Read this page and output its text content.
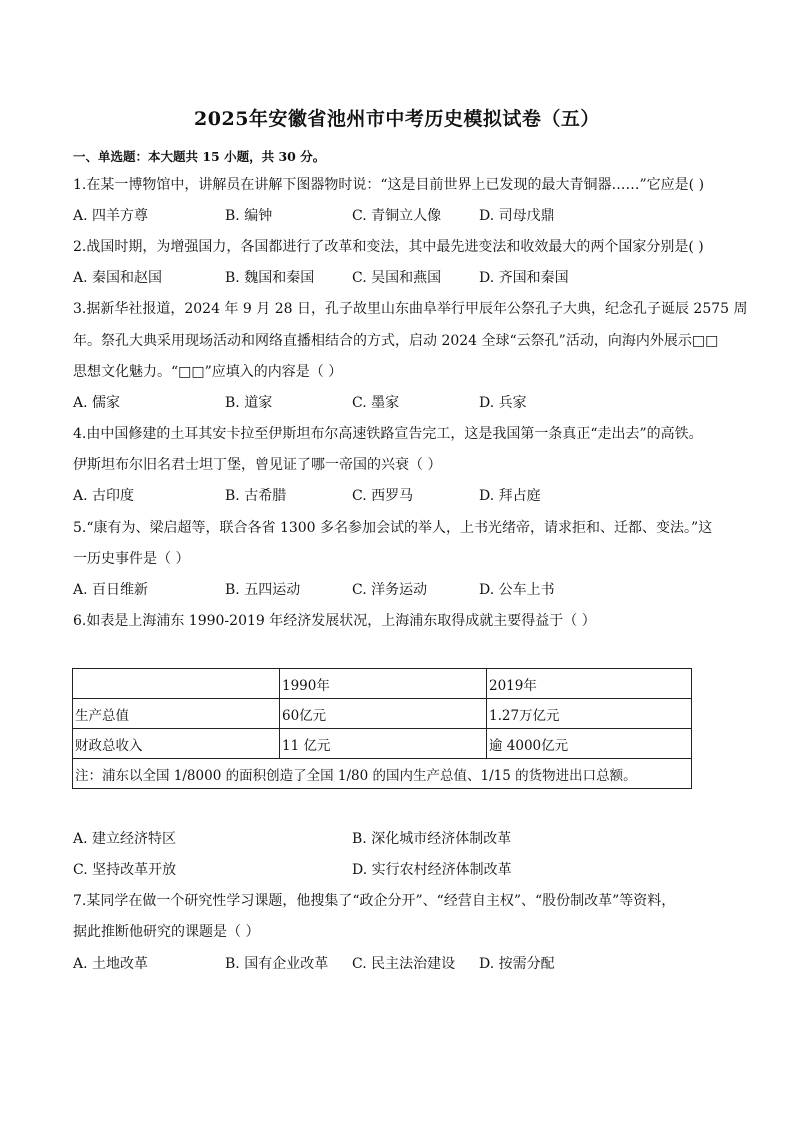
2025年安徽省池州市中考历史模拟试卷（五）
一、单选题：本大题共 15 小题，共 30 分。
1.在某一博物馆中，讲解员在讲解下图器物时说：“这是目前世界上已发现的最大青铜器……”它应是( )
A. 四羊方尊	B. 编钟	C. 青铜立人像	D. 司母戊鼎
2.战国时期，为增强国力，各国都进行了改革和变法，其中最先进变法和收效最大的两个国家分别是( )
A. 秦国和赵国	B. 魏国和秦国	C. 吴国和燕国	D. 齐国和秦国
3.据新华社报道，2024 年 9 月 28 日，孔子故里山东曲阜举行甲辰年公祭孔子大典，纪念孔子诞辰 2575 周
年。祭孔大典采用现场活动和网络直播相结合的方式，启动 2024 全球“云祭孔”活动，向海内外展示□□
思想文化魅力。“□□”应填入的内容是（ ）
A. 儒家	B. 道家	C. 墨家	D. 兵家
4.由中国修建的土耳其安卡拉至伊斯坦布尔高速铁路宣告完工，这是我国第一条真正“走出去”的高铁。
伊斯坦布尔旧名君士坦丁堡，曾见证了哪一帝国的兴衰（ ）
A. 古印度	B. 古希腊	C. 西罗马	D. 拜占庭
5.“康有为、梁启超等，联合各省 1300 多名参加会试的举人，上书光绪帝，请求拒和、迁都、变法。”这
一历史事件是（ ）
A. 百日维新	B. 五四运动	C. 洋务运动	D. 公车上书
6.如表是上海浦东 1990-2019 年经济发展状况，上海浦东取得成就主要得益于（ ）
	1990年	2019年
生产总值	60亿元	1.27万亿元
财政总收入	11 亿元	逾 4000亿元
注：浦东以全国 1/8000 的面积创造了全国 1/80 的国内生产总值、1/15 的货物进出口总额。		
A. 建立经济特区	B. 深化城市经济体制改革
C. 坚持改革开放	D. 实行农村经济体制改革
7.某同学在做一个研究性学习课题，他搜集了“政企分开”、“经营自主权”、“股份制改革”等资料，
据此推断他研究的课题是（ ）
A. 土地改革	B. 国有企业改革 C. 民主法治建设 D. 按需分配
